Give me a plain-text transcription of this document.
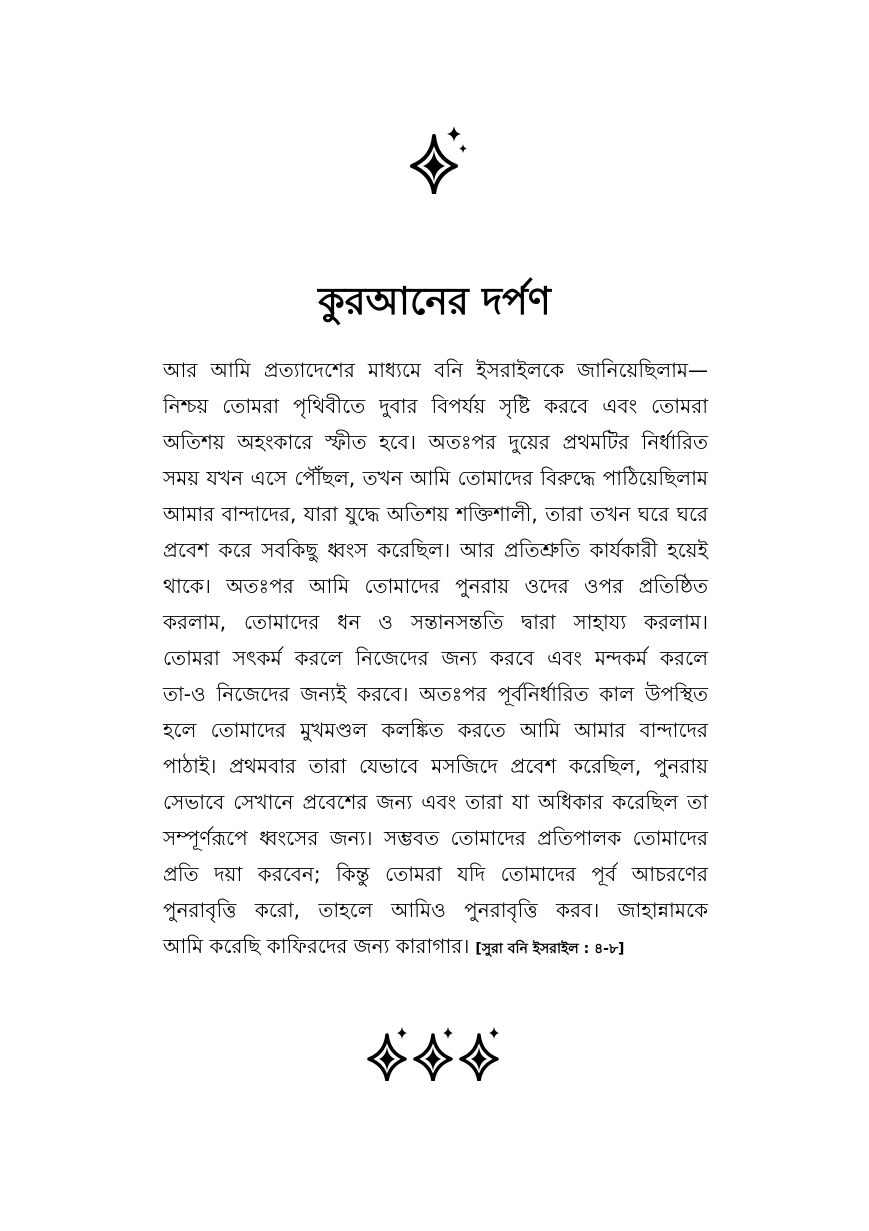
কুরআনের দর্পণ
আর আমি প্রত্যাদেশের মাধ্যমে বনি ইসরাইলকে জানিয়েছিলাম—
নিশ্চয় তোমরা পৃথিবীতে দুবার বিপর্যয় সৃষ্টি করবে এবং তোমরা
অতিশয় অহংকারে স্ফীত হবে। অতঃপর দুয়ের প্রথমটির নির্ধারিত
সময় যখন এসে পৌঁছল, তখন আমি তোমাদের বিরুদ্ধে পাঠিয়েছিলাম
আমার বান্দাদের, যারা যুদ্ধে অতিশয় শক্তিশালী, তারা তখন ঘরে ঘরে
প্রবেশ করে সবকিছু ধ্বংস করেছিল। আর প্রতিশ্রুতি কার্যকারী হয়েই
থাকে। অতঃপর আমি তোমাদের পুনরায় ওদের ওপর প্রতিষ্ঠিত
করলাম, তোমাদের ধন ও সন্তানসন্ততি দ্বারা সাহায্য করলাম।
তোমরা সৎকর্ম করলে নিজেদের জন্য করবে এবং মন্দকর্ম করলে
তা-ও নিজেদের জন্যই করবে। অতঃপর পূর্বনির্ধারিত কাল উপস্থিত
হলে তোমাদের মুখমণ্ডল কলঙ্কিত করতে আমি আমার বান্দাদের
পাঠাই। প্রথমবার তারা যেভাবে মসজিদে প্রবেশ করেছিল, পুনরায়
সেভাবে সেখানে প্রবেশের জন্য এবং তারা যা অধিকার করেছিল তা
সম্পূর্ণরূপে ধ্বংসের জন্য। সম্ভবত তোমাদের প্রতিপালক তোমাদের
প্রতি দয়া করবেন; কিন্তু তোমরা যদি তোমাদের পূর্ব আচরণের
পুনরাবৃত্তি করো, তাহলে আমিও পুনরাবৃত্তি করব। জাহান্নামকে
আমি করেছি কাফিরদের জন্য কারাগার। [সুরা বনি ইসরাইল : ৪-৮]
